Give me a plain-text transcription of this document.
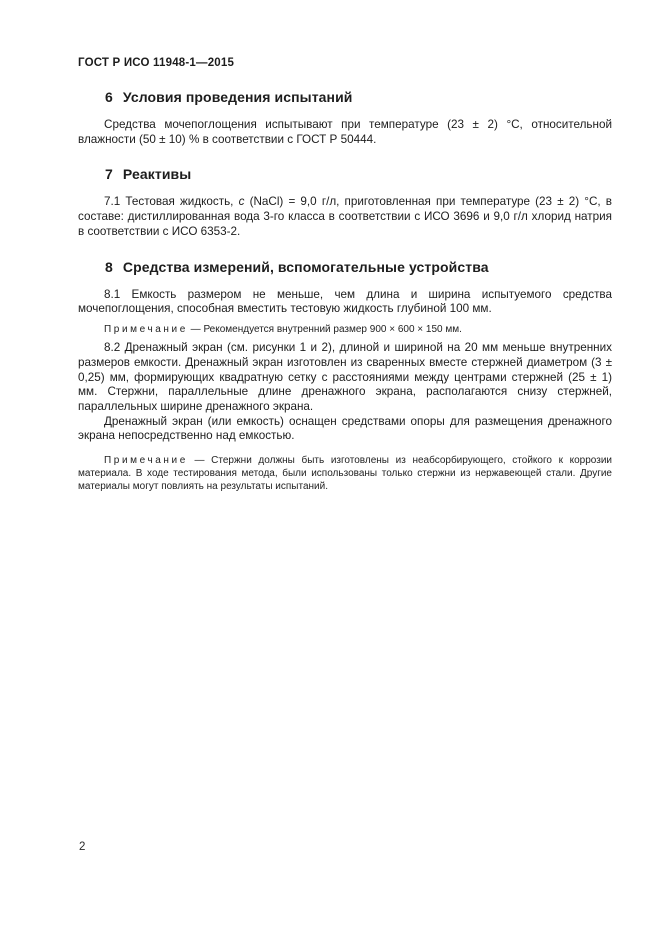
ГОСТ Р ИСО 11948-1—2015
6 Условия проведения испытаний

Средства мочепоглощения испытывают при температуре (23 ± 2) °С, относительной влажности (50 ± 10) % в соответствии с ГОСТ Р 50444.

7 Реактивы

7.1 Тестовая жидкость, с (NaCl) = 9,0 г/л, приготовленная при температуре (23 ± 2) °С, в составе: дистиллированная вода 3-го класса в соответствии с ИСО 3696 и 9,0 г/л хлорид натрия в соответствии с ИСО 6353-2.

8 Средства измерений, вспомогательные устройства

8.1 Емкость размером не меньше, чем длина и ширина испытуемого средства мочепоглощения, способная вместить тестовую жидкость глубиной 100 мм.

Примечание — Рекомендуется внутренний размер 900 × 600 × 150 мм.

8.2 Дренажный экран (см. рисунки 1 и 2), длиной и шириной на 20 мм меньше внутренних размеров емкости. Дренажный экран изготовлен из сваренных вместе стержней диаметром (3 ± 0,25) мм, формирующих квадратную сетку с расстояниями между центрами стержней (25 ± 1) мм. Стержни, параллельные длине дренажного экрана, располагаются снизу стержней, параллельных ширине дренажного экрана.

Дренажный экран (или емкость) оснащен средствами опоры для размещения дренажного экрана непосредственно над емкостью.

Примечание — Стержни должны быть изготовлены из неабсорбирующего, стойкого к коррозии материала. В ходе тестирования метода, были использованы только стержни из нержавеющей стали. Другие материалы могут повлиять на результаты испытаний.

2
